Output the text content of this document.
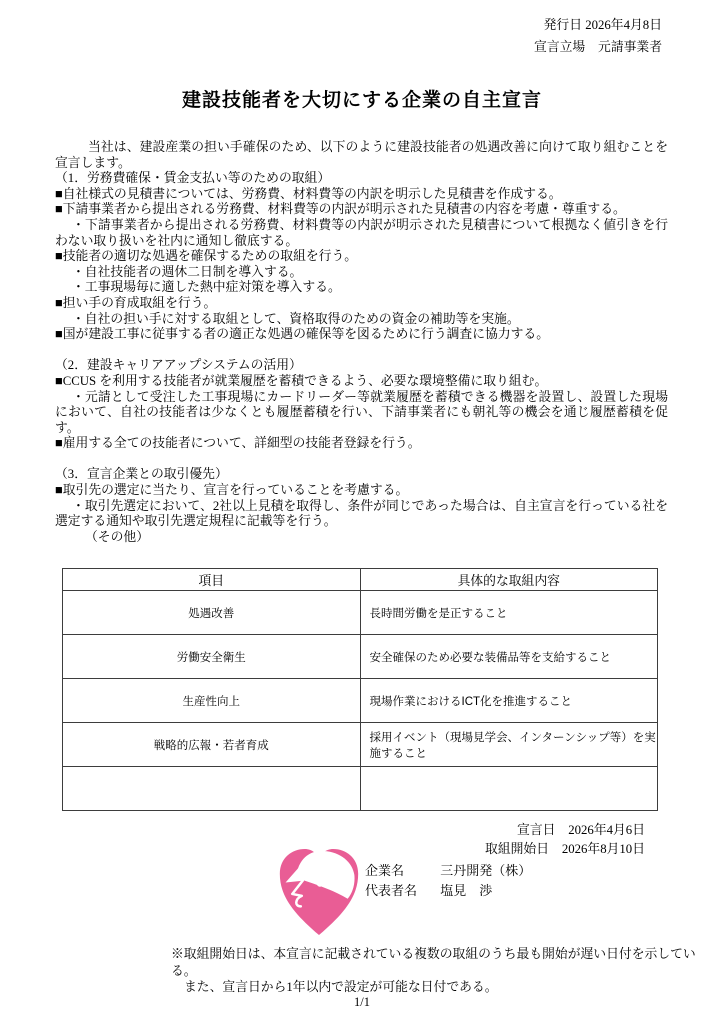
発行日 2026年4月8日
宣言立場　元請事業者
建設技能者を大切にする企業の自主宣言

当社は、建設産業の担い手確保のため、以下のように建設技能者の処遇改善に向けて取り組むことを宣言します。

（1．労務費確保・賃金支払い等のための取組）

■自社様式の見積書については、労務費、材料費等の内訳を明示した見積書を作成する。

■下請事業者から提出される労務費、材料費等の内訳が明示された見積書の内容を考慮・尊重する。

・下請事業者から提出される労務費、材料費等の内訳が明示された見積書について根拠なく値引きを行わない取り扱いを社内に通知し徹底する。

■技能者の適切な処遇を確保するための取組を行う。

・自社技能者の週休二日制を導入する。

・工事現場毎に適した熱中症対策を導入する。

■担い手の育成取組を行う。

・自社の担い手に対する取組として、資格取得のための資金の補助等を実施。

■国が建設工事に従事する者の適正な処遇の確保等を図るために行う調査に協力する。

（2．建設キャリアアップシステムの活用）

■CCUS を利用する技能者が就業履歴を蓄積できるよう、必要な環境整備に取り組む。

・元請として受注した工事現場にカードリーダー等就業履歴を蓄積できる機器を設置し、設置した現場において、自社の技能者は少なくとも履歴蓄積を行い、下請事業者にも朝礼等の機会を通じ履歴蓄積を促す。

■雇用する全ての技能者について、詳細型の技能者登録を行う。

（3．宣言企業との取引優先）

■取引先の選定に当たり、宣言を行っていることを考慮する。

・取引先選定において、2社以上見積を取得し、条件が同じであった場合は、自主宣言を行っている社を選定する通知や取引先選定規程に記載等を行う。

（その他）

項目	具体的な取組内容
処遇改善	長時間労働を是正すること
労働安全衛生	安全確保のため必要な装備品等を支給すること
生産性向上	現場作業におけるICT化を推進すること
戦略的広報・若者育成	採用イベント（現場見学会、インターンシップ等）を実施すること

宣言日　2026年4月6日
取組開始日　2026年8月10日
企業名	三丹開発（株）
代表者名 塩見　渉
※取組開始日は、本宣言に記載されている複数の取組のうち最も開始が遅い日付を示している。
また、宣言日から1年以内で設定が可能な日付である。
1/1
